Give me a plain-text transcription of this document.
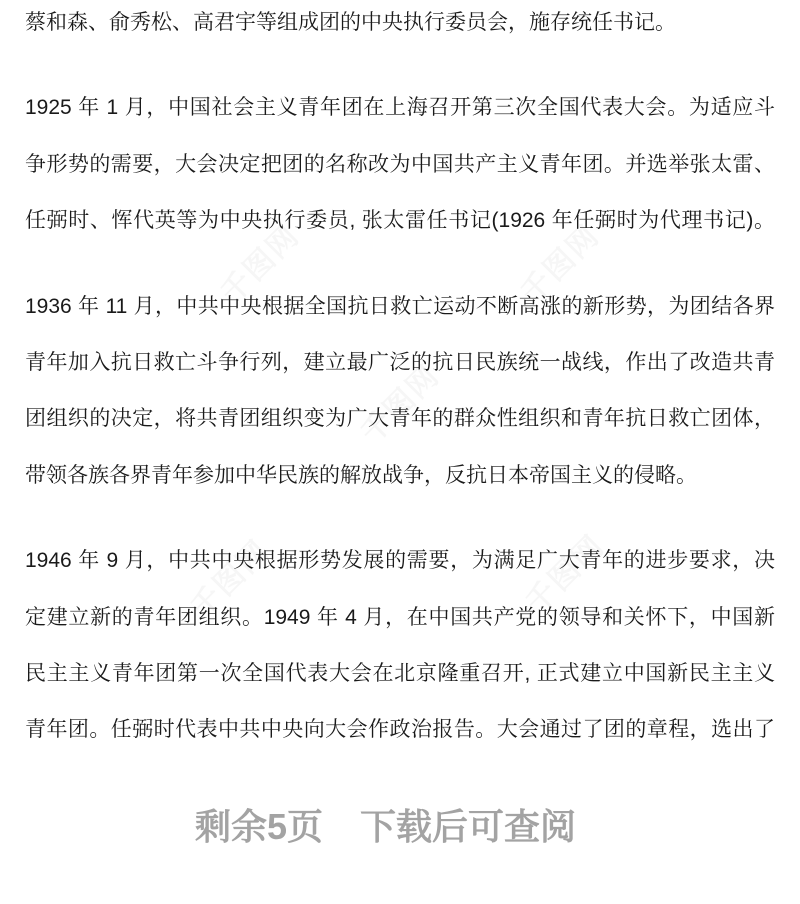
蔡和森、俞秀松、高君宇等组成团的中央执行委员会，施存统任书记。
1925 年 1 月，中国社会主义青年团在上海召开第三次全国代表大会。为适应斗
争形势的需要，大会决定把团的名称改为中国共产主义青年团。并选举张太雷、
任弼时、恽代英等为中央执行委员, 张太雷任书记(1926 年任弼时为代理书记)。
1936 年 11 月，中共中央根据全国抗日救亡运动不断高涨的新形势，为团结各界
青年加入抗日救亡斗争行列，建立最广泛的抗日民族统一战线，作出了改造共青
团组织的决定，将共青团组织变为广大青年的群众性组织和青年抗日救亡团体，
带领各族各界青年参加中华民族的解放战争，反抗日本帝国主义的侵略。
1946 年 9 月，中共中央根据形势发展的需要，为满足广大青年的进步要求，决
定建立新的青年团组织。1949 年 4 月，在中国共产党的领导和关怀下，中国新
民主主义青年团第一次全国代表大会在北京隆重召开, 正式建立中国新民主主义
青年团。任弼时代表中共中央向大会作政治报告。大会通过了团的章程，选出了
剩余5页 下载后可查阅
